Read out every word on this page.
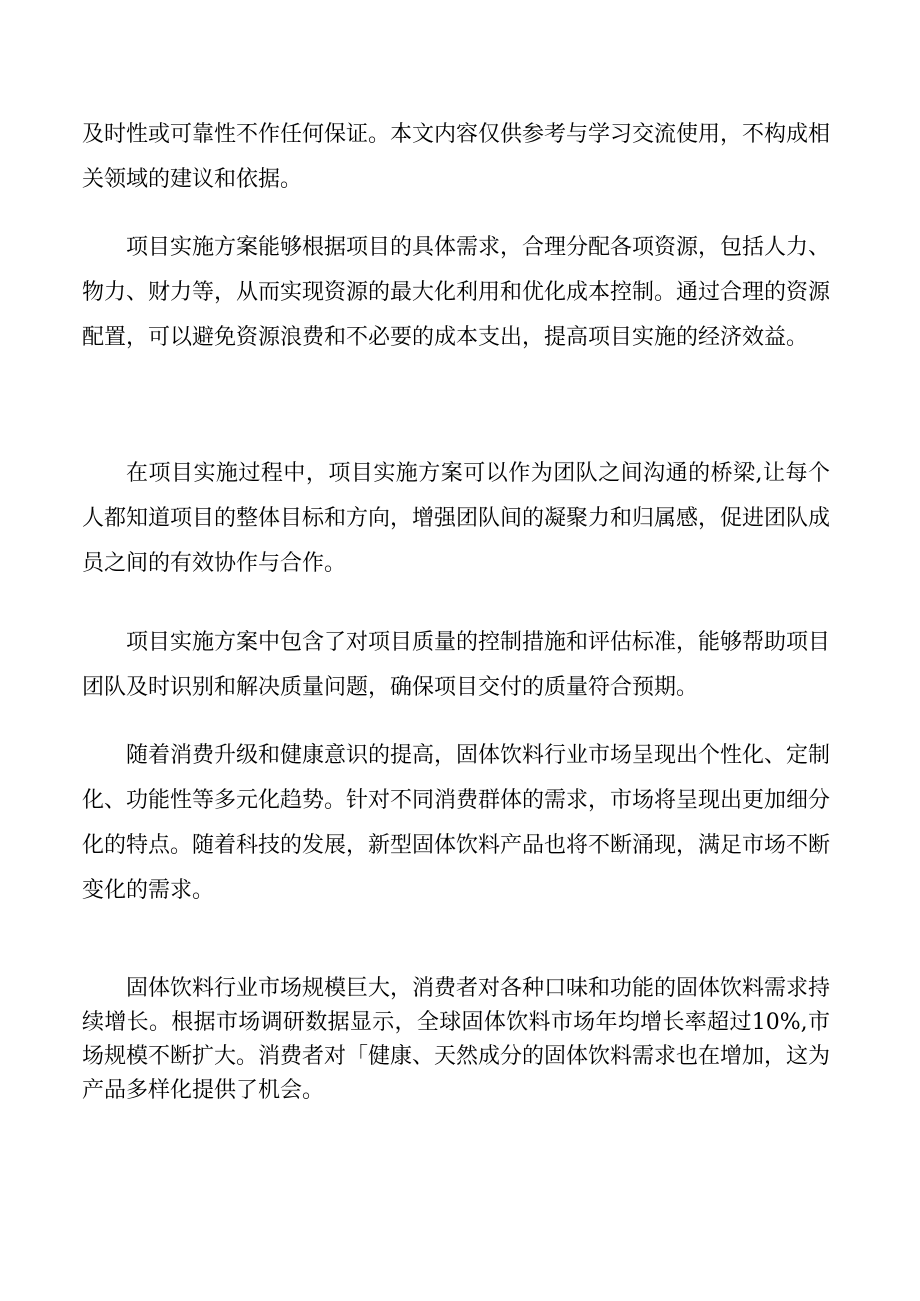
及时性或可靠性不作任何保证。本文内容仅供参考与学习交流使用，不构成相关领域的建议和依据。

项目实施方案能够根据项目的具体需求，合理分配各项资源，包括人力、物力、财力等，从而实现资源的最大化利用和优化成本控制。通过合理的资源配置，可以避免资源浪费和不必要的成本支出，提高项目实施的经济效益。

在项目实施过程中，项目实施方案可以作为团队之间沟通的桥梁,让每个人都知道项目的整体目标和方向，增强团队间的凝聚力和归属感，促进团队成员之间的有效协作与合作。

项目实施方案中包含了对项目质量的控制措施和评估标准，能够帮助项目团队及时识别和解决质量问题，确保项目交付的质量符合预期。

随着消费升级和健康意识的提高，固体饮料行业市场呈现出个性化、定制化、功能性等多元化趋势。针对不同消费群体的需求，市场将呈现出更加细分化的特点。随着科技的发展，新型固体饮料产品也将不断涌现，满足市场不断变化的需求。

固体饮料行业市场规模巨大，消费者对各种口味和功能的固体饮料需求持续增长。根据市场调研数据显示，全球固体饮料市场年均增长率超过10%,市场规模不断扩大。消费者对「健康、天然成分的固体饮料需求也在增加，这为产品多样化提供了机会。
